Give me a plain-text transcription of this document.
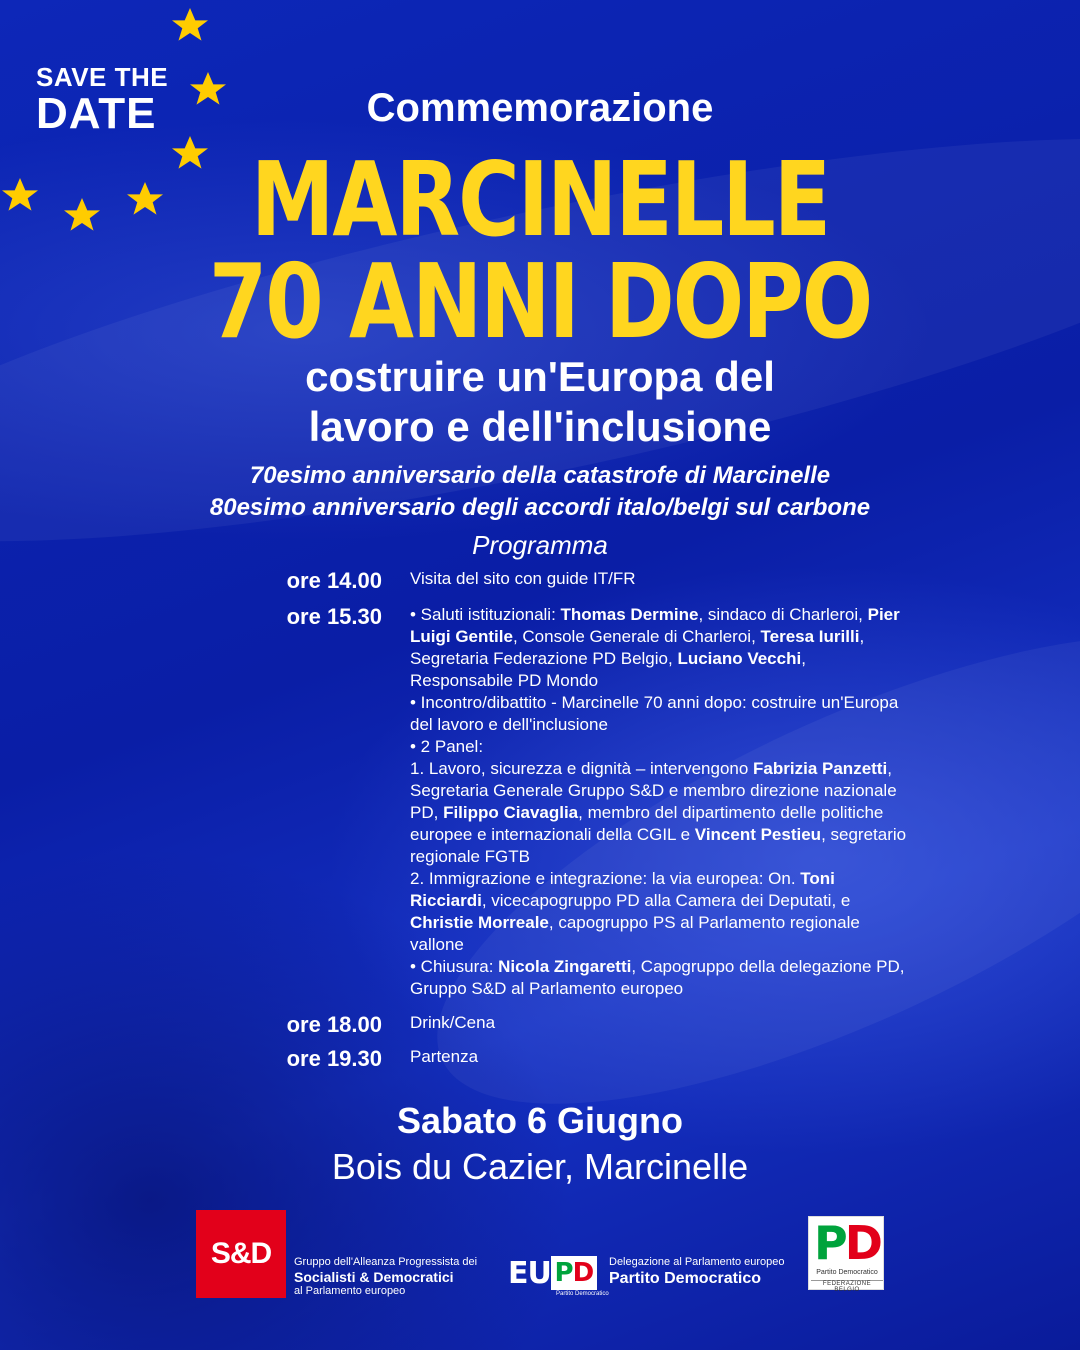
SAVE THE
DATE	Commemorazione
MARCINELLE
70 ANNI DOPO
costruire un'Europa del
lavoro e dell'inclusione
70esimo anniversario della catastrofe di Marcinelle
80esimo anniversario degli accordi italo/belgi sul carbone
Programma
ore 14.00	Visita del sito con guide IT/FR
ore 15.30	• Saluti istituzionali: Thomas Dermine, sindaco di Charleroi, Pier Luigi Gentile, Console Generale di Charleroi, Teresa Iurilli, Segretaria Federazione PD Belgio, Luciano Vecchi, Responsabile PD Mondo

• Incontro/dibattito - Marcinelle 70 anni dopo: costruire un'Europa del lavoro e dell'inclusione

• 2 Panel:

1. Lavoro, sicurezza e dignità – intervengono Fabrizia Panzetti, Segretaria Generale Gruppo S&D e membro direzione nazionale PD, Filippo Ciavaglia, membro del dipartimento delle politiche europee e internazionali della CGIL e Vincent Pestieu, segretario regionale FGTB

2. Immigrazione e integrazione: la via europea: On. Toni Ricciardi, vicecapogruppo PD alla Camera dei Deputati, e Christie Morreale, capogruppo PS al Parlamento regionale vallone

• Chiusura: Nicola Zingaretti, Capogruppo della delegazione PD, Gruppo S&D al Parlamento europeo

ore 18.00	Drink/Cena
ore 19.30	Partenza
Sabato 6 Giugno
Bois du Cazier, Marcinelle
S&D	Gruppo dell'Alleanza Progressista dei
Socialisti & Democratici
al Parlamento europeo
EU P D
Partito Democratico
Delegazione al Parlamento europeo
Partito Democratico
PD
Partito Democratico
FEDERAZIONE BELGIO
